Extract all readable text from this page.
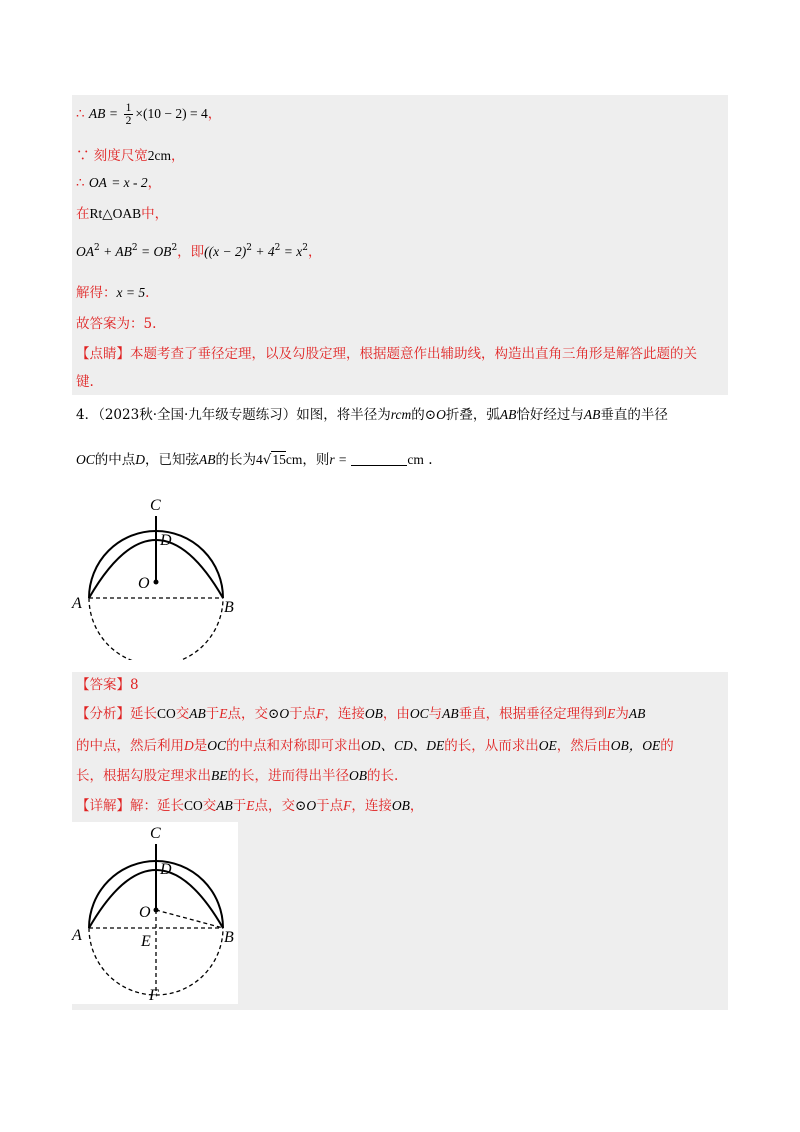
∴ AB = $\frac{1}{2} \times(10 - 2) = 4$，
∵ 刻度尺宽2cm，
∴ OA = x - 2，
在Rt△OAB中，
$OA^2 + AB^2 = OB^2$，即($(x - 2)^2 + 4^2 = x^2$，
解得：x = 5.
故答案为：5.
【点睛】本题考查了垂径定理，以及勾股定理，根据题意作出辅助线，构造出直角三角形是解答此题的关
键.
4．（2023秋·全国·九年级专题练习）如图，将半径为rcm的⊙O折叠，弧AB恰好经过与AB垂直的半径
OC的中点D，已知弦AB的长为4√15cm，则r =	cm .
C
D
O
A	B
【答案】8
【分析】延长CO交AB于E点，交⊙O于点F，连接OB，由OC与AB垂直，根据垂径定理得到E为AB
的中点，然后利用D是OC的中点和对称即可求出OD、CD、DE的长，从而求出OE，然后由OB，OE的
长，根据勾股定理求出BE的长，进而得出半径OB的长.
【详解】解：延长CO交AB于E点，交⊙O于点F，连接OB，
C
D
O
A	E	B
F
